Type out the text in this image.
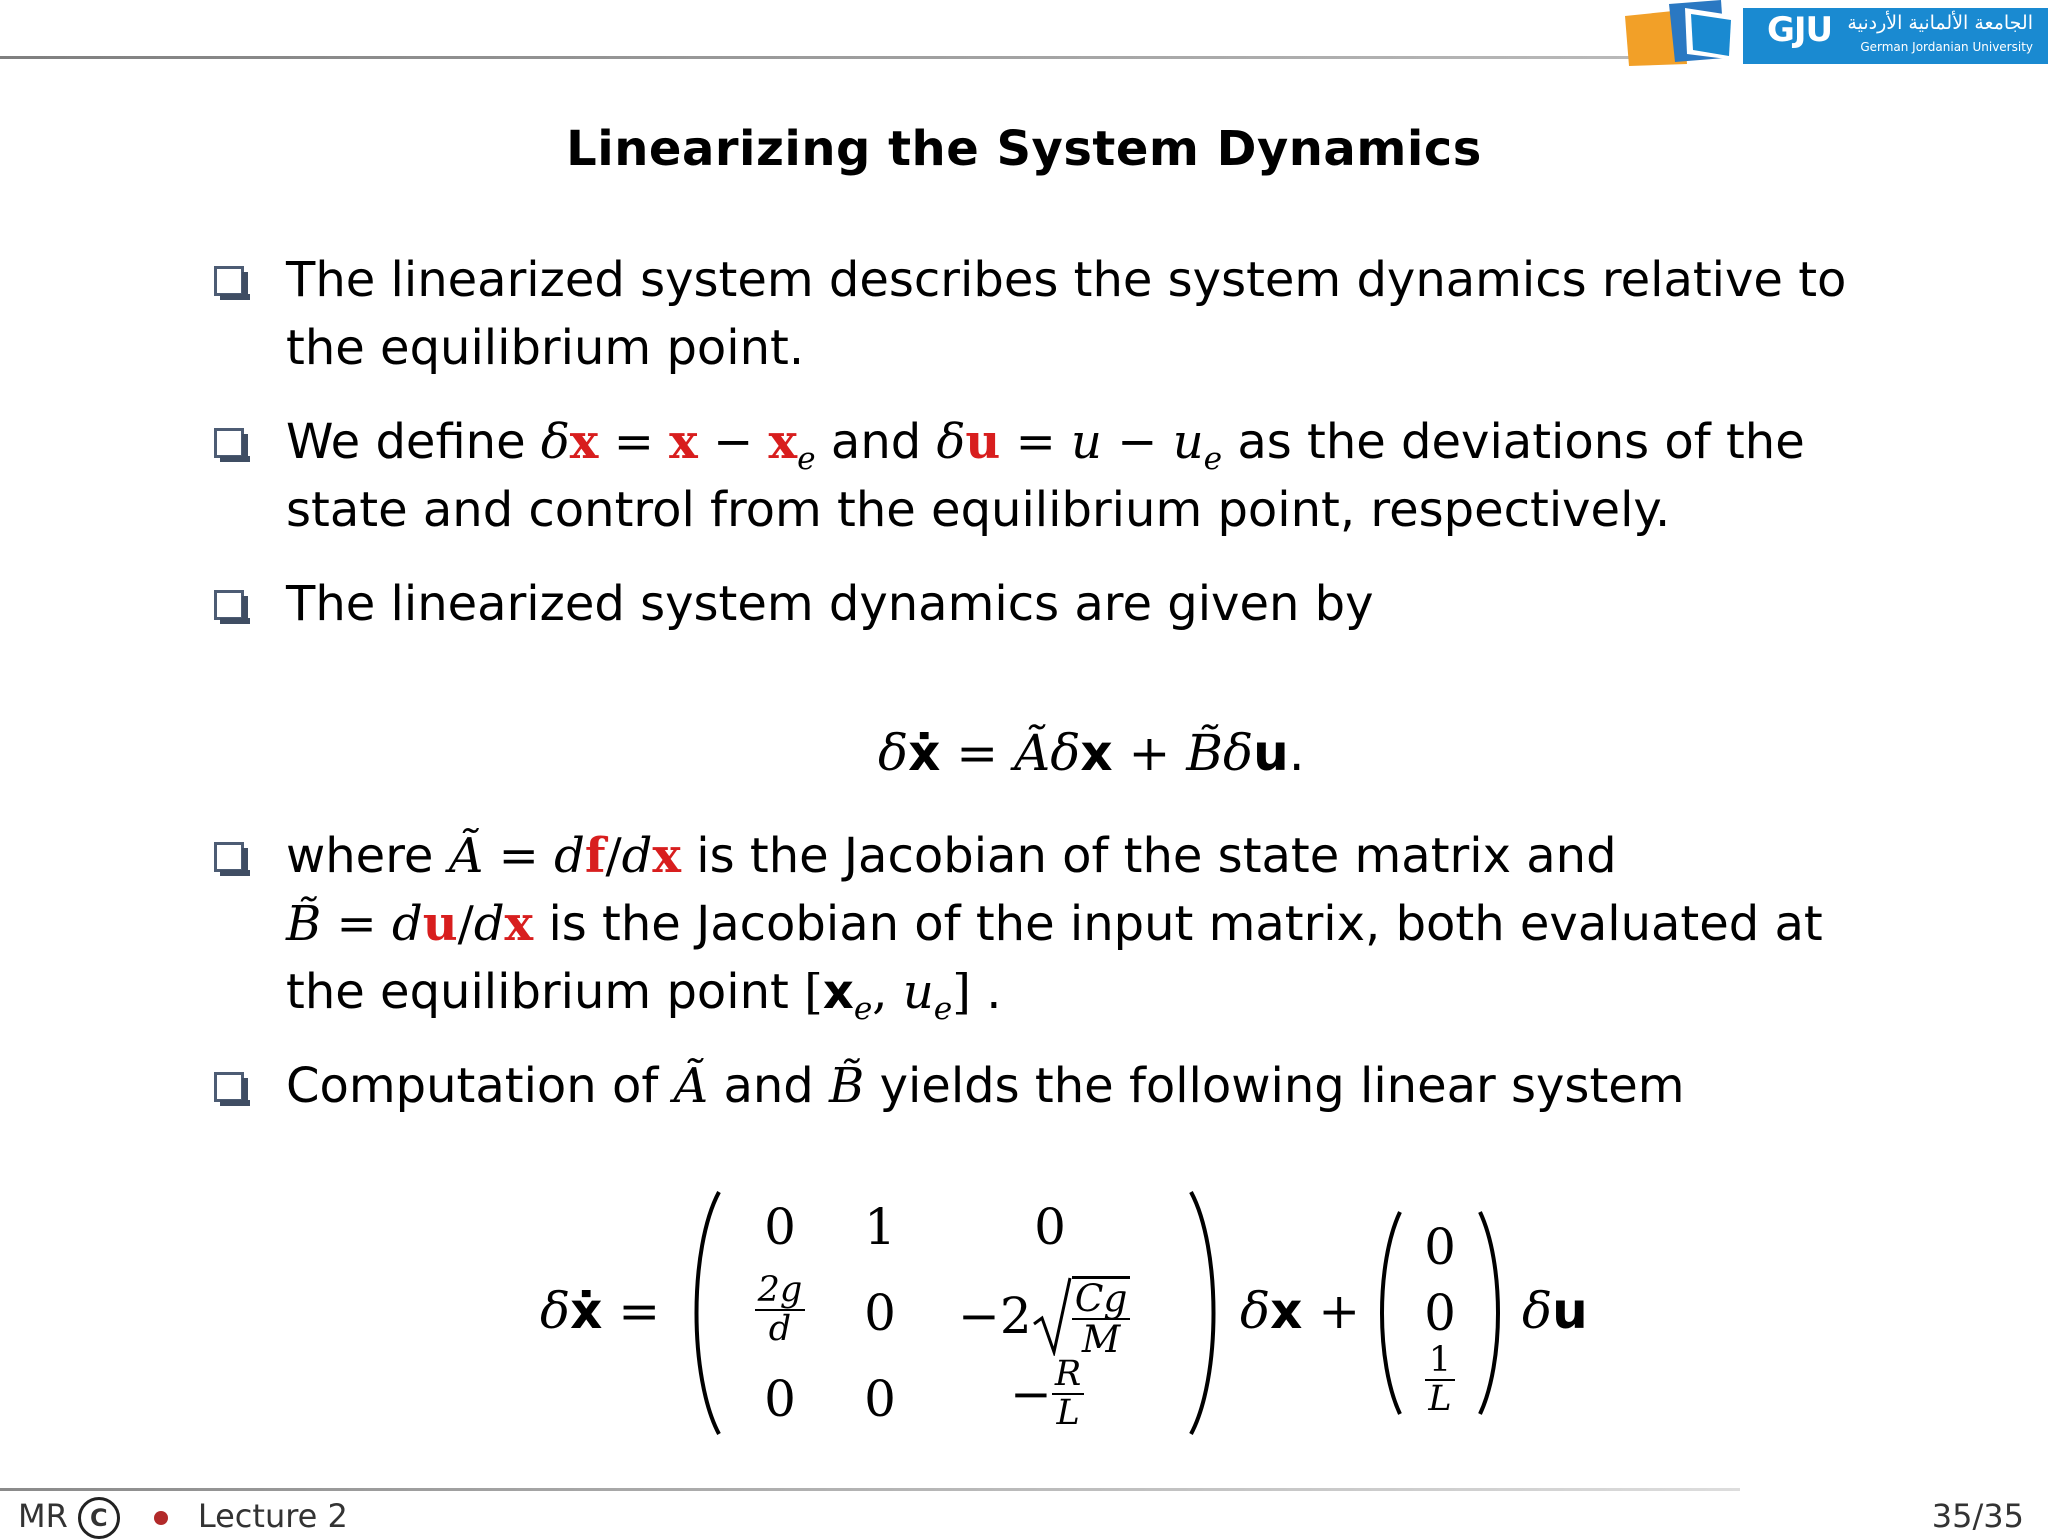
GJU الجامعة الألمانية الأردنية
German Jordanian University
Linearizing the System Dynamics
The linearized system describes the system dynamics relative to the equilibrium point.
We define $\delta x = x - x_e$ and $\delta u = u - u_e$ as the deviations of the
state and control from the equilibrium point, respectively.
The linearized system dynamics are given by
δẋ = Ãδx + B̃δu.
where Ã = df/dx is the Jacobian of the state matrix and
B̃ = du/dx is the Jacobian of the input matrix, both evaluated at
the equilibrium point [$x_e$, $u_e$] .
Computation of Ã and B̃ yields the following linear system
δẋ =
0	1	0
$\frac{2g}{d}$	0	$-2 \frac{Cg}{M}$
0	0	− $\frac{R}{L}$
δx +
0
0
$\frac{1}{L}$
δu
MR C	Lecture 2	35/35
